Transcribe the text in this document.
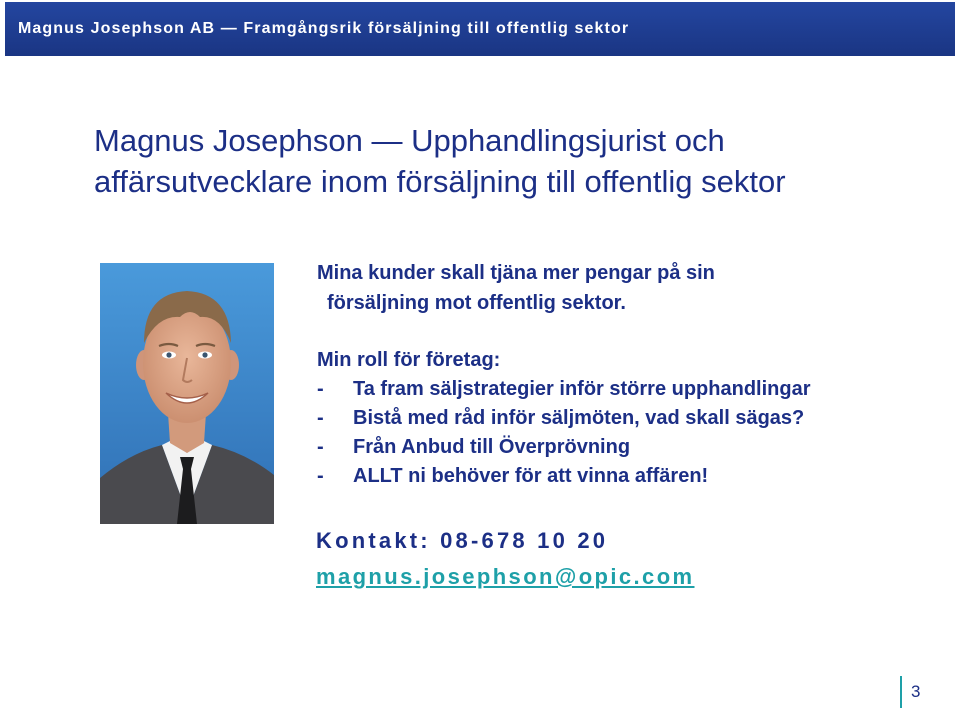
Magnus Josephson AB — Framgångsrik försäljning till offentlig sektor
Magnus Josephson — Upphandlingsjurist och
affärsutvecklare inom försäljning till offentlig sektor
Mina kunder skall tjäna mer pengar på sin
försäljning mot offentlig sektor.
Min roll för företag:
-	Ta fram säljstrategier inför större upphandlingar
-	Bistå med råd inför säljmöten, vad skall sägas?
-	Från Anbud till Överprövning
-	ALLT ni behöver för att vinna affären!
Kontakt: 08-678 10 20
magnus.josephson@opic.com
3
